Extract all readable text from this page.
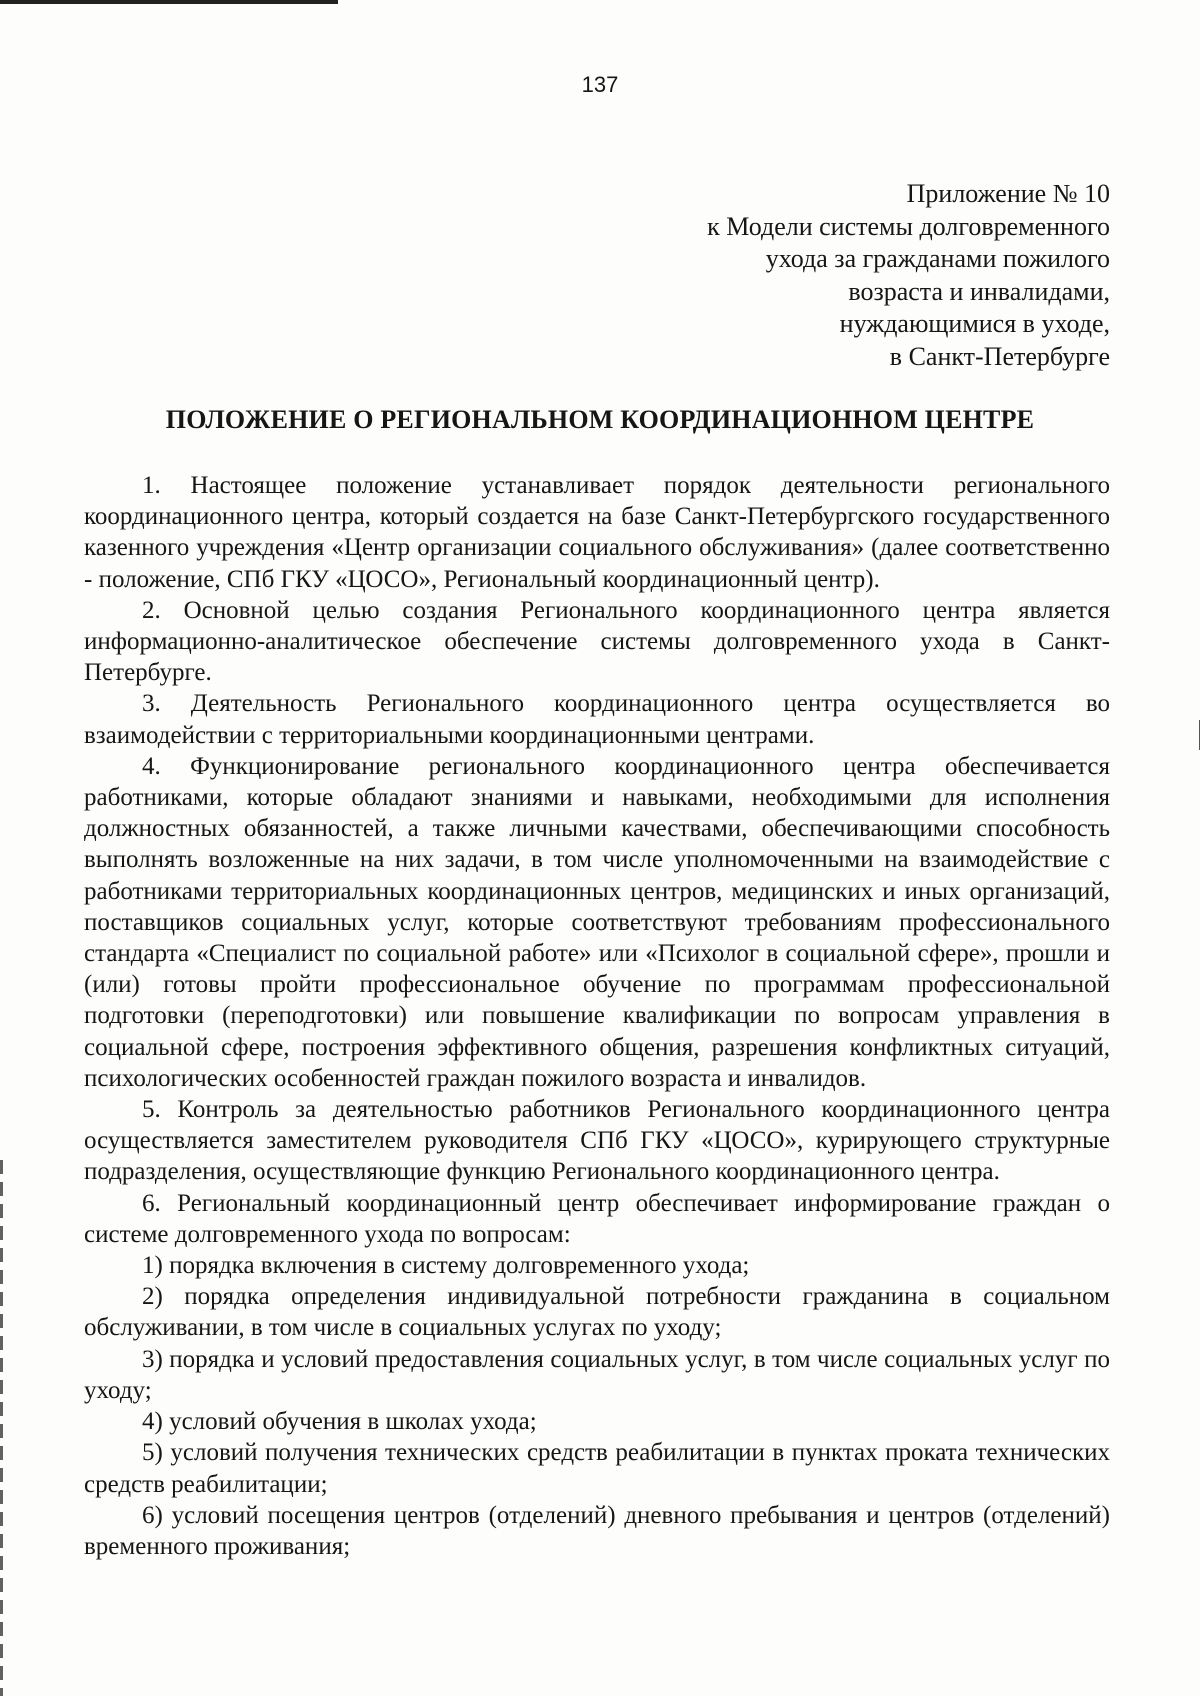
137
Приложение № 10
к Модели системы долговременного
ухода за гражданами пожилого
возраста и инвалидами,
нуждающимися в уходе,
в Санкт-Петербурге
ПОЛОЖЕНИЕ О РЕГИОНАЛЬНОМ КООРДИНАЦИОННОМ ЦЕНТРЕ

1. Настоящее положение устанавливает порядок деятельности регионального координационного центра, который создается на базе Санкт-Петербургского государственного казенного учреждения «Центр организации социального обслуживания» (далее соответственно - положение, СПб ГКУ «ЦОСО», Региональный координационный центр).

2. Основной целью создания Регионального координационного центра является информационно-аналитическое обеспечение системы долговременного ухода в Санкт-Петербурге.

3. Деятельность Регионального координационного центра осуществляется во взаимодействии с территориальными координационными центрами.

4. Функционирование регионального координационного центра обеспечивается работниками, которые обладают знаниями и навыками, необходимыми для исполнения должностных обязанностей, а также личными качествами, обеспечивающими способность выполнять возложенные на них задачи, в том числе уполномоченными на взаимодействие с работниками территориальных координационных центров, медицинских и иных организаций, поставщиков социальных услуг, которые соответствуют требованиям профессионального стандарта «Специалист по социальной работе» или «Психолог в социальной сфере», прошли и (или) готовы пройти профессиональное обучение по программам профессиональной подготовки (переподготовки) или повышение квалификации по вопросам управления в социальной сфере, построения эффективного общения, разрешения конфликтных ситуаций, психологических особенностей граждан пожилого возраста и инвалидов.

5. Контроль за деятельностью работников Регионального координационного центра осуществляется заместителем руководителя СПб ГКУ «ЦОСО», курирующего структурные подразделения, осуществляющие функцию Регионального координационного центра.

6. Региональный координационный центр обеспечивает информирование граждан о системе долговременного ухода по вопросам:

1) порядка включения в систему долговременного ухода;

2) порядка определения индивидуальной потребности гражданина в социальном обслуживании, в том числе в социальных услугах по уходу;

3) порядка и условий предоставления социальных услуг, в том числе социальных услуг по уходу;

4) условий обучения в школах ухода;

5) условий получения технических средств реабилитации в пунктах проката технических средств реабилитации;

6) условий посещения центров (отделений) дневного пребывания и центров (отделений) временного проживания;
